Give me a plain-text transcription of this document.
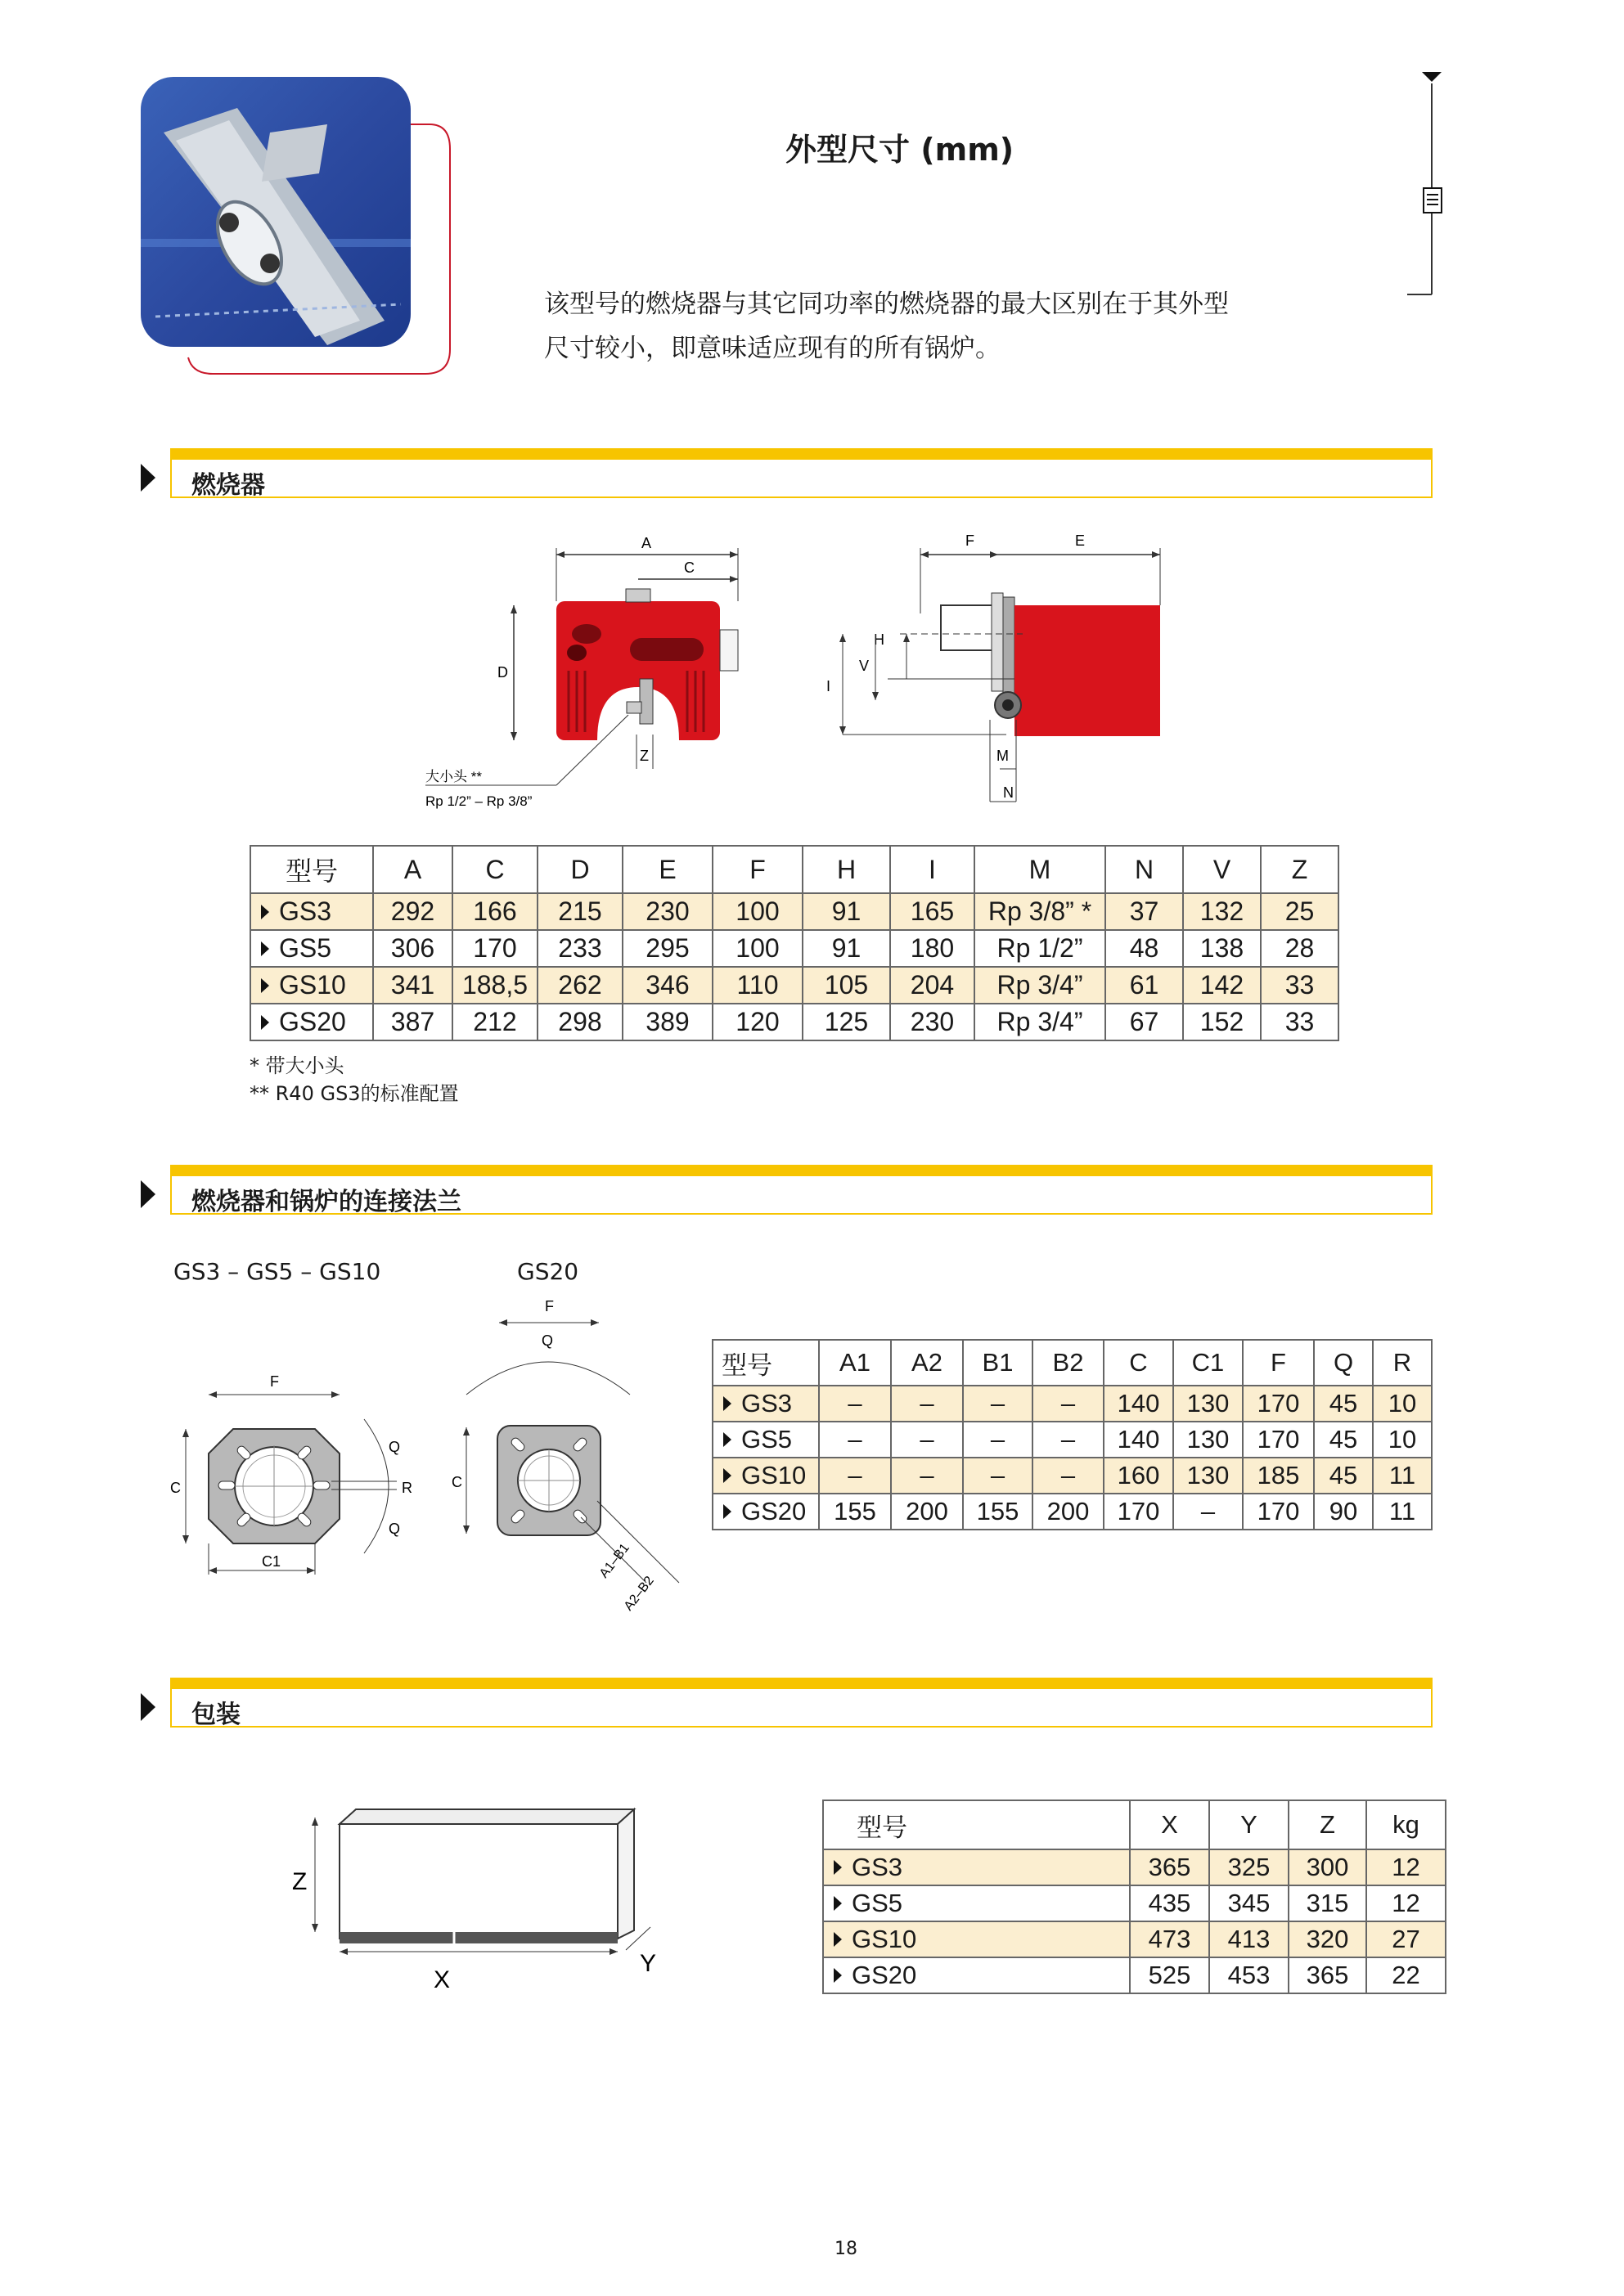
外型尺寸 (mm)
该型号的燃烧器与其它同功率的燃烧器的最大区别在于其外型
尺寸较小，即意味适应现有的所有锅炉。
燃烧器
A
C
D
Z
大小头 **
Rp 1/2” – Rp 3/8”
F	E
H
V
I
M
N
型号	A	C	D	E	F	H	I	M	N	V	Z
GS3	292	166	215	230	100	91	165	Rp 3/8” *	37	132	25
GS5	306	170	233	295	100	91	180	Rp 1/2”	48	138	28
GS10	341	188,5	262	346	110	105	204	Rp 3/4”	61	142	33
GS20	387	212	298	389	120	125	230	Rp 3/4”	67	152	33
* 带大小头
** R40 GS3的标准配置
燃烧器和锅炉的连接法兰
GS3 – GS5 – GS10	GS20
F
C
C1
Q
Q
R
F
Q
C
A1–B1
A2–B2
型号	A1	A2	B1	B2	C	C1	F	Q	R
GS3	–	–	–	–	140	130	170	45	10
GS5	–	–	–	–	140	130	170	45	10
GS10	–	–	–	–	160	130	185	45	11
GS20	155	200	155	200	170	–	170	90	11
包装
Z
X
Y
型号	X	Y	Z	kg
GS3	365	325	300	12
GS5	435	345	315	12
GS10	473	413	320	27
GS20	525	453	365	22
18
